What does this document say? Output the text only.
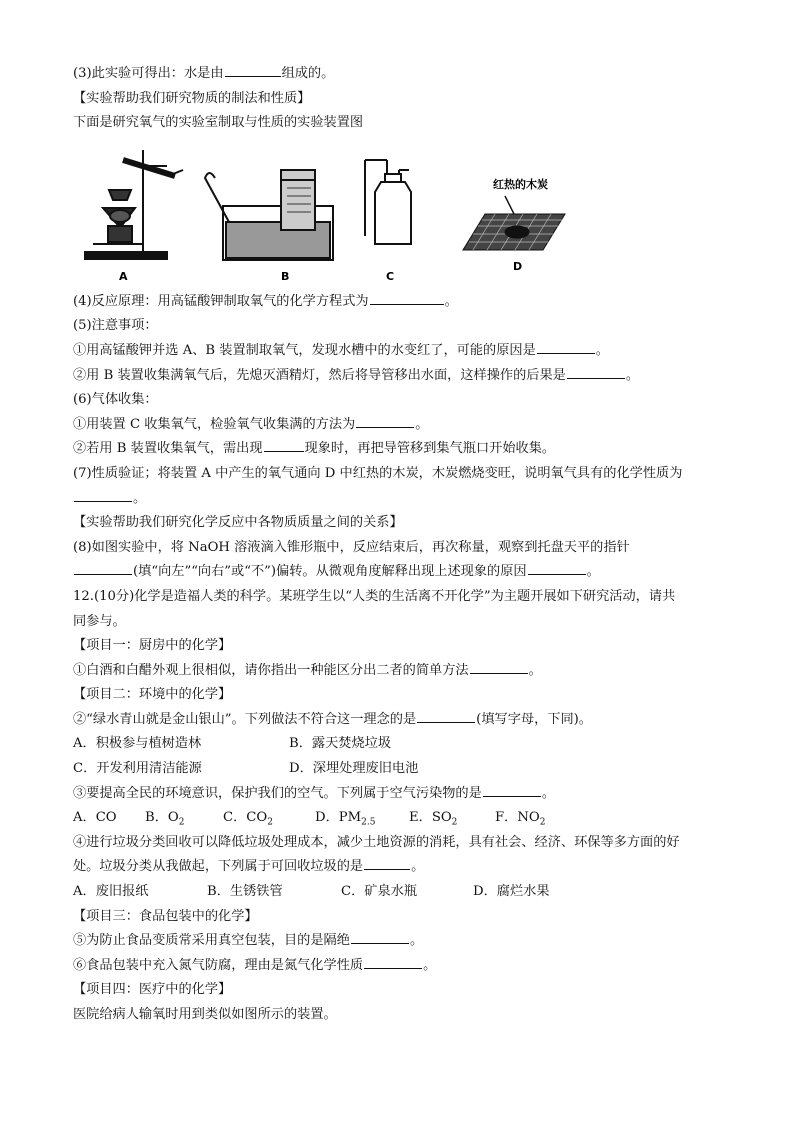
(3)此实验可得出：水是由	组成的。
【实验帮助我们研究物质的制法和性质】
下面是研究氧气的实验室制取与性质的实验装置图
A	B	C
红热的木炭
D
(4)反应原理：用高锰酸钾制取氧气的化学方程式为	。
(5)注意事项：
①用高锰酸钾并选 A、B 装置制取氧气，发现水槽中的水变红了，可能的原因是	。
②用 B 装置收集满氧气后，先熄灭酒精灯，然后将导管移出水面，这样操作的后果是	。
(6)气体收集：
①用装置 C 收集氧气，检验氧气收集满的方法为	。
②若用 B 装置收集氧气，需出现	现象时，再把导管移到集气瓶口开始收集。
(7)性质验证；将装置 A 中产生的氧气通向 D 中红热的木炭，木炭燃烧变旺，说明氧气具有的化学性质为
。
【实验帮助我们研究化学反应中各物质质量之间的关系】
(8)如图实验中，将 NaOH 溶液滴入锥形瓶中，反应结束后，再次称量，观察到托盘天平的指针
(填“向左”“向右”或“不”)偏转。从微观角度解释出现上述现象的原因	。
12.(10分)化学是造福人类的科学。某班学生以“人类的生活离不开化学”为主题开展如下研究活动，请共
同参与。
【项目一：厨房中的化学】
①白酒和白醋外观上很相似，请你指出一种能区分出二者的简单方法	。
【项目二：环境中的化学】
②“绿水青山就是金山银山”。下列做法不符合这一理念的是	(填写字母，下同)。
A．积极参与植树造林	B．露天焚烧垃圾
C．开发利用清洁能源	D．深埋处理废旧电池
③要提高全民的环境意识，保护我们的空气。下列属于空气污染物的是	。
A．CO	B．$O_2$	C．$CO_2$	D．$PM_{2.5}$	E．$SO_2$	F．$NO_2$
④进行垃圾分类回收可以降低垃圾处理成本，减少土地资源的消耗，具有社会、经济、环保等多方面的好
处。垃圾分类从我做起，下列属于可回收垃圾的是	。
A．废旧报纸	B．生锈铁管	C．矿泉水瓶	D．腐烂水果
【项目三：食品包装中的化学】
⑤为防止食品变质常采用真空包装，目的是隔绝	。
⑥食品包装中充入氮气防腐，理由是氮气化学性质	。
【项目四：医疗中的化学】
医院给病人输氧时用到类似如图所示的装置。
